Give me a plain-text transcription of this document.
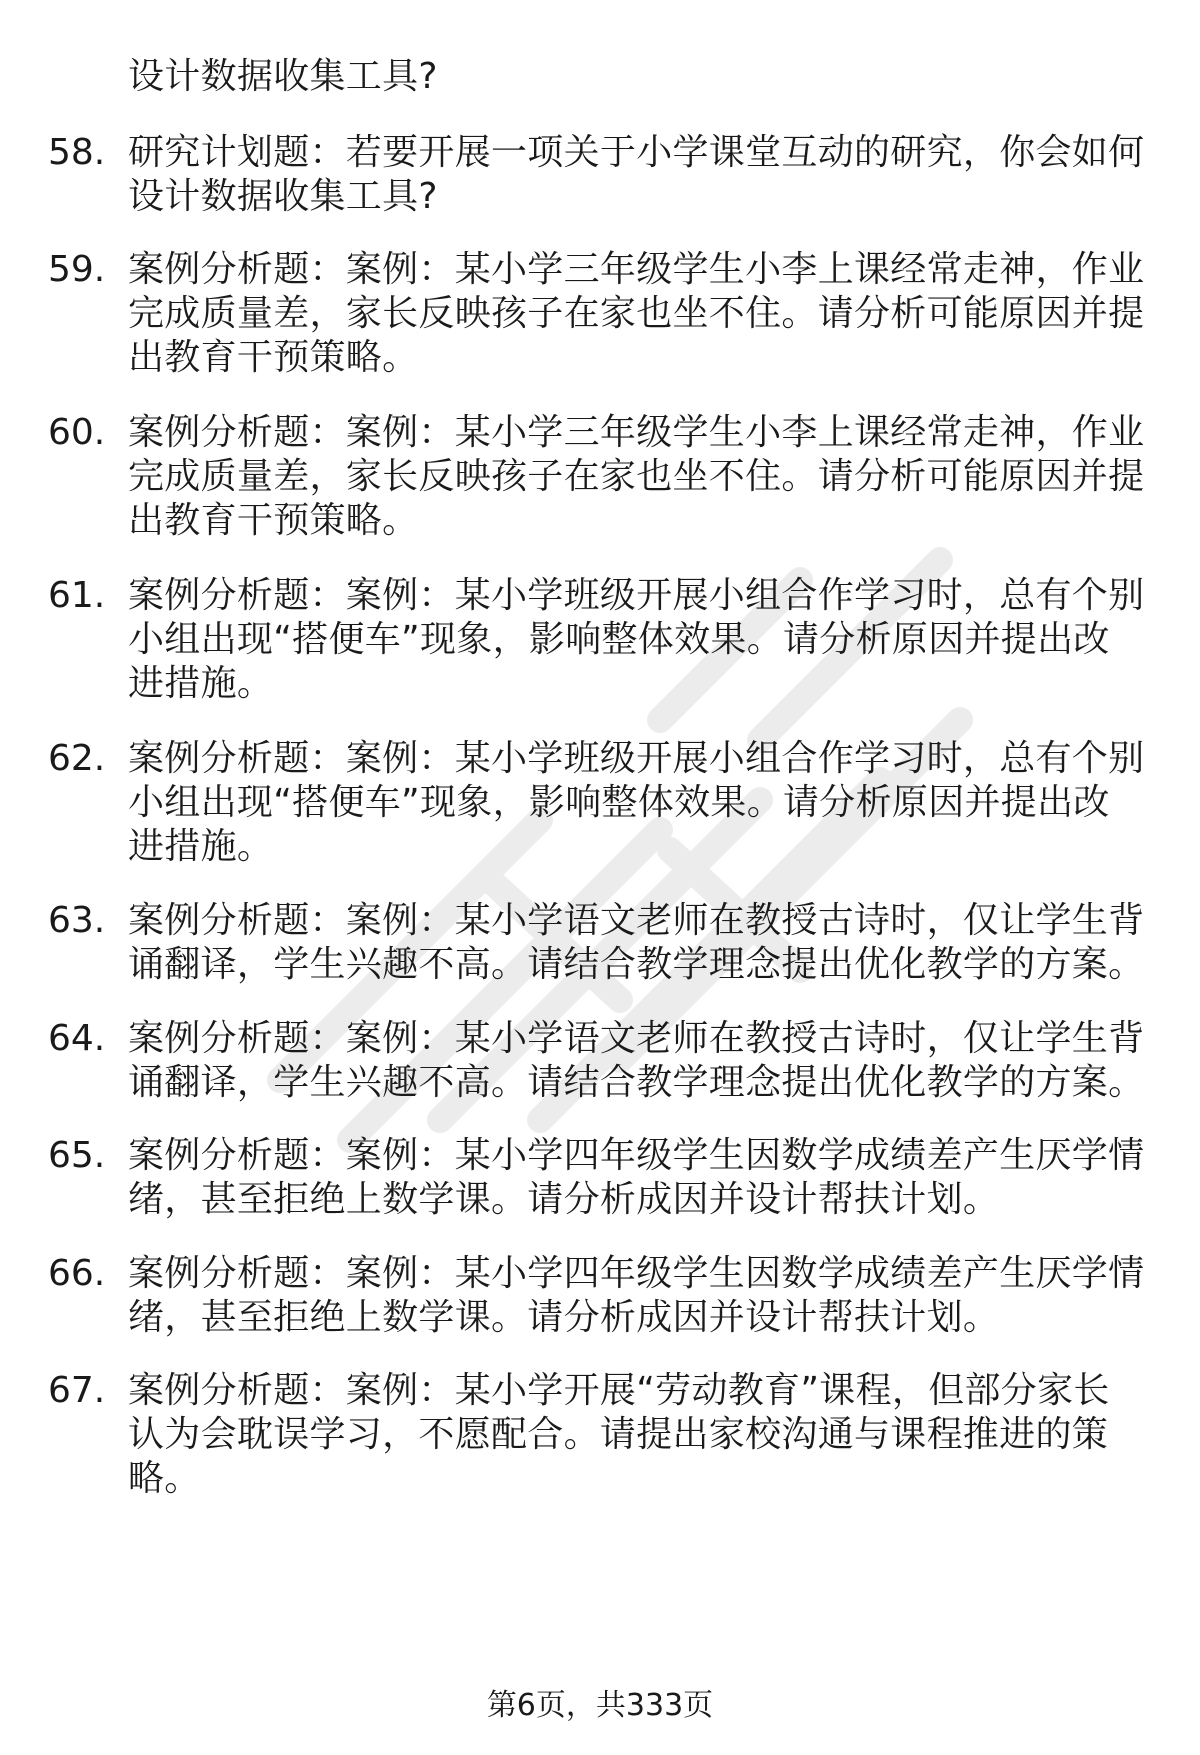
设计数据收集工具?
58. 研究计划题：若要开展一项关于小学课堂互动的研究，你会如何
设计数据收集工具?
59. 案例分析题：案例：某小学三年级学生小李上课经常走神，作业
完成质量差，家长反映孩子在家也坐不住。请分析可能原因并提
出教育干预策略。
60. 案例分析题：案例：某小学三年级学生小李上课经常走神，作业
完成质量差，家长反映孩子在家也坐不住。请分析可能原因并提
出教育干预策略。
61. 案例分析题：案例：某小学班级开展小组合作学习时，总有个别
小组出现“搭便车”现象，影响整体效果。请分析原因并提出改
进措施。
62. 案例分析题：案例：某小学班级开展小组合作学习时，总有个别
小组出现“搭便车”现象，影响整体效果。请分析原因并提出改
进措施。
63. 案例分析题：案例：某小学语文老师在教授古诗时，仅让学生背
诵翻译，学生兴趣不高。请结合教学理念提出优化教学的方案。
64. 案例分析题：案例：某小学语文老师在教授古诗时，仅让学生背
诵翻译，学生兴趣不高。请结合教学理念提出优化教学的方案。
65. 案例分析题：案例：某小学四年级学生因数学成绩差产生厌学情
绪，甚至拒绝上数学课。请分析成因并设计帮扶计划。
66. 案例分析题：案例：某小学四年级学生因数学成绩差产生厌学情
绪，甚至拒绝上数学课。请分析成因并设计帮扶计划。
67. 案例分析题：案例：某小学开展“劳动教育”课程，但部分家长
认为会耽误学习，不愿配合。请提出家校沟通与课程推进的策
略。
第6页，共333页
